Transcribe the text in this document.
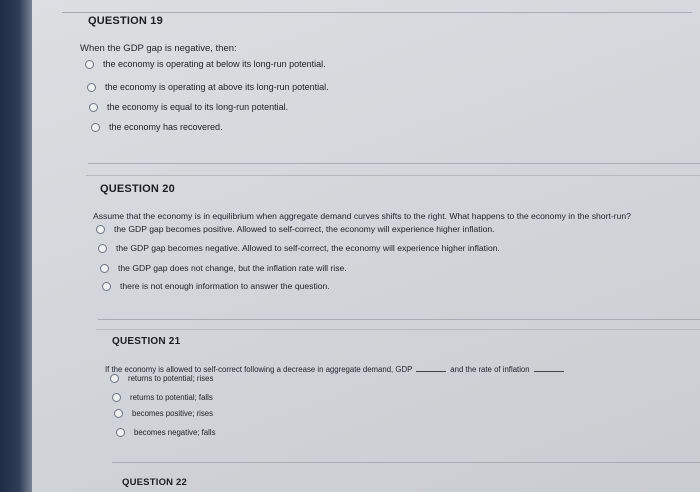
QUESTION 19
When the GDP gap is negative, then:
the economy is operating at below its long-run potential.
the economy is operating at above its long-run potential.
the economy is equal to its long-run potential.
the economy has recovered.
QUESTION 20
Assume that the economy is in equilibrium when aggregate demand curves shifts to the right. What happens to the economy in the short-run?
the GDP gap becomes positive. Allowed to self-correct, the economy will experience higher inflation.
the GDP gap becomes negative. Allowed to self-correct, the economy will experience higher inflation.
the GDP gap does not change, but the inflation rate will rise.
there is not enough information to answer the question.
QUESTION 21
If the economy is allowed to self-correct following a decrease in aggregate demand, GDP	and the rate of inflation
returns to potential; rises
returns to potential; falls
becomes positive; rises
becomes negative; falls
QUESTION 22
